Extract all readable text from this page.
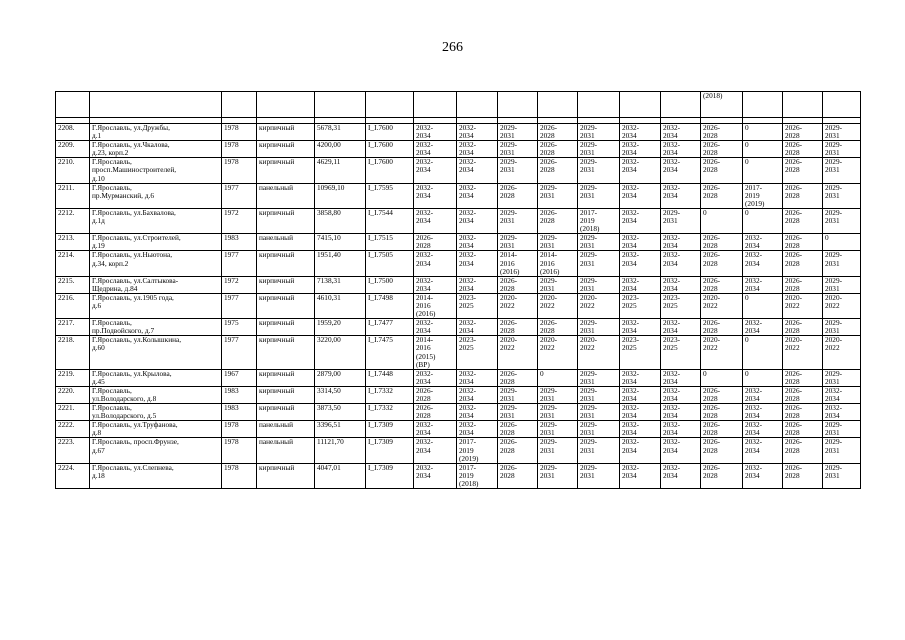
266
													(2018)			

2208.	Г.Ярославль, ул.Дружбы,
д.1	1978	кирпичный	5678,31	I_I.7600	2032-
2034	2032-
2034	2029-
2031	2026-
2028	2029-
2031	2032-
2034	2032-
2034	2026-
2028	0	2026-
2028	2029-
2031
2209.	Г.Ярославль, ул.Чкалова,
д.23, корп.2	1978	кирпичный	4200,00	I_I.7600	2032-
2034	2032-
2034	2029-
2031	2026-
2028	2029-
2031	2032-
2034	2032-
2034	2026-
2028	0	2026-
2028	2029-
2031
2210.	Г.Ярославль,
просп.Машиностроителей,
д.10	1978	кирпичный	4629,11	I_I.7600	2032-
2034	2032-
2034	2029-
2031	2026-
2028	2029-
2031	2032-
2034	2032-
2034	2026-
2028	0	2026-
2028	2029-
2031
2211.	Г.Ярославль,
пр.Мурманский, д.6	1977	панельный	10969,10	I_I.7595	2032-
2034	2032-
2034	2026-
2028	2029-
2031	2029-
2031	2032-
2034	2032-
2034	2026-
2028	2017-
2019
(2019)	2026-
2028	2029-
2031
2212.	Г.Ярославль, ул.Бахвалова,
д.1д	1972	кирпичный	3858,80	I_I.7544	2032-
2034	2032-
2034	2029-
2031	2026-
2028	2017-
2019
(2018)	2032-
2034	2029-
2031	0	0	2026-
2028	2029-
2031
2213.	Г.Ярославль, ул.Строителей,
д.19	1983	панельный	7415,10	I_I.7515	2026-
2028	2032-
2034	2029-
2031	2029-
2031	2029-
2031	2032-
2034	2032-
2034	2026-
2028	2032-
2034	2026-
2028	0
2214.	Г.Ярославль, ул.Ньютона,
д.34, корп.2	1977	кирпичный	1951,40	I_I.7505	2032-
2034	2032-
2034	2014-
2016
(2016)	2014-
2016
(2016)	2029-
2031	2032-
2034	2032-
2034	2026-
2028	2032-
2034	2026-
2028	2029-
2031
2215.	Г.Ярославль, ул.Салтыкова-
Щедрина, д.84	1972	кирпичный	7138,31	I_I.7500	2032-
2034	2032-
2034	2026-
2028	2029-
2031	2029-
2031	2032-
2034	2032-
2034	2026-
2028	2032-
2034	2026-
2028	2029-
2031
2216.	Г.Ярославль, ул.1905 года,
д.6	1977	кирпичный	4610,31	I_I.7498	2014-
2016
(2016)	2023-
2025	2020-
2022	2020-
2022	2020-
2022	2023-
2025	2023-
2025	2020-
2022	0	2020-
2022	2020-
2022
2217.	Г.Ярославль,
пр.Подвойского, д.7	1975	кирпичный	1959,20	I_I.7477	2032-
2034	2032-
2034	2026-
2028	2026-
2028	2029-
2031	2032-
2034	2032-
2034	2026-
2028	2032-
2034	2026-
2028	2029-
2031
2218.	Г.Ярославль, ул.Колышкина,
д.60	1977	кирпичный	3220,00	I_I.7475	2014-
2016
(2015)
(ВР)	2023-
2025	2020-
2022	2020-
2022	2020-
2022	2023-
2025	2023-
2025	2020-
2022	0	2020-
2022	2020-
2022
2219.	Г.Ярославль, ул.Крылова,
д.45	1967	кирпичный	2879,00	I_I.7448	2032-
2034	2032-
2034	2026-
2028	0	2029-
2031	2032-
2034	2032-
2034	0	0	2026-
2028	2029-
2031
2220.	Г.Ярославль,
ул.Володарского, д.8	1983	кирпичный	3314,50	I_I.7332	2026-
2028	2032-
2034	2029-
2031	2029-
2031	2029-
2031	2032-
2034	2032-
2034	2026-
2028	2032-
2034	2026-
2028	2032-
2034
2221.	Г.Ярославль,
ул.Володарского, д.5	1983	кирпичный	3873,50	I_I.7332	2026-
2028	2032-
2034	2029-
2031	2029-
2031	2029-
2031	2032-
2034	2032-
2034	2026-
2028	2032-
2034	2026-
2028	2032-
2034
2222.	Г.Ярославль, ул.Труфанова,
д.8	1978	панельный	3396,51	I_I.7309	2032-
2034	2032-
2034	2026-
2028	2029-
2031	2029-
2031	2032-
2034	2032-
2034	2026-
2028	2032-
2034	2026-
2028	2029-
2031
2223.	Г.Ярославль, просп.Фрунзе,
д.67	1978	панельный	11121,70	I_I.7309	2032-
2034	2017-
2019
(2019)	2026-
2028	2029-
2031	2029-
2031	2032-
2034	2032-
2034	2026-
2028	2032-
2034	2026-
2028	2029-
2031
2224.	Г.Ярославль, ул.Слепнева,
д.18	1978	кирпичный	4047,01	I_I.7309	2032-
2034	2017-
2019
(2018)	2026-
2028	2029-
2031	2029-
2031	2032-
2034	2032-
2034	2026-
2028	2032-
2034	2026-
2028	2029-
2031
